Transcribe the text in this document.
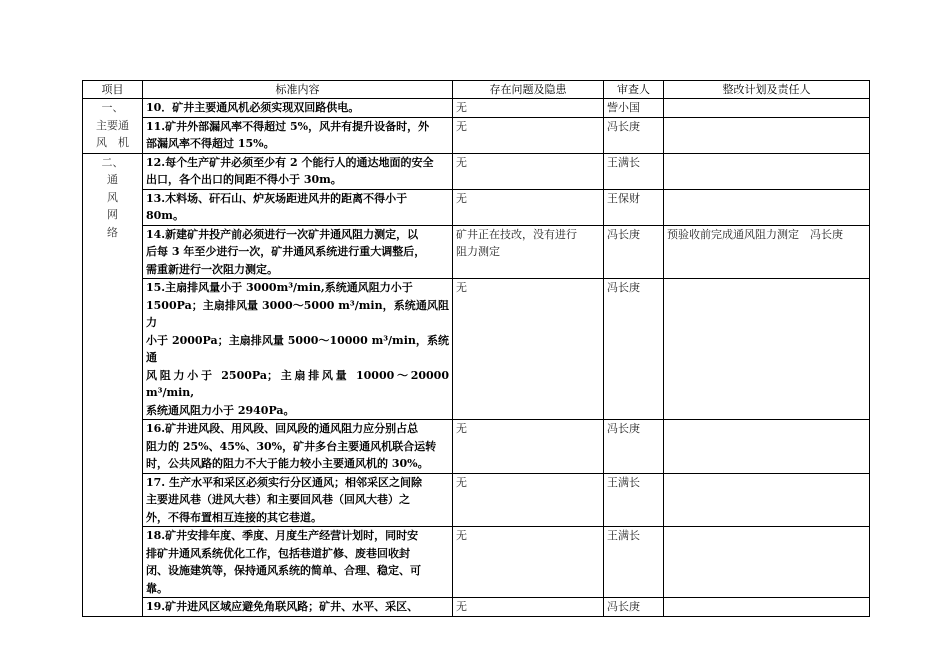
项目	标准内容	存在问题及隐患	审查人	整改计划及责任人

一、
主要通
风　机	10．矿井主要通风机必须实现双回路供电。	无	訾小国	

	11.矿井外部漏风率不得超过 5%，风井有提升设备时，外
部漏风率不得超过 15%。	无	冯长庚	

二、
通
风
网
络	12.每个生产矿井必须至少有 2 个能行人的通达地面的安全
出口，各个出口的间距不得小于 30m。	无	王满长	

	13.木料场、矸石山、炉灰场距进风井的距离不得小于
80m。	无	王保财	

	14.新建矿井投产前必须进行一次矿井通风阻力测定，以
后每 3 年至少进行一次，矿井通风系统进行重大调整后，
需重新进行一次阻力测定。	矿井正在技改，没有进行
阻力测定	冯长庚	预验收前完成通风阻力测定　冯长庚

	15.主扇排风量小于 3000m³/min,系统通风阻力小于
1500Pa；主扇排风量 3000～5000 m³/min，系统通风阻力
小于 2000Pa；主扇排风量 5000～10000 m³/min，系统通
风阻力小于 2500Pa；主扇排风量 10000～20000 m³/min,
系统通风阻力小于 2940Pa。	无	冯长庚	

	16.矿井进风段、用风段、回风段的通风阻力应分别占总
阻力的 25%、45%、30%，矿井多台主要通风机联合运转
时，公共风路的阻力不大于能力较小主要通风机的 30%。	无	冯长庚	

	17. 生产水平和采区必须实行分区通风；相邻采区之间除
主要进风巷（进风大巷）和主要回风巷（回风大巷）之
外，不得布置相互连接的其它巷道。	无	王满长	

	18.矿井安排年度、季度、月度生产经营计划时，同时安
排矿井通风系统优化工作，包括巷道扩修、废巷回收封
闭、设施建筑等，保持通风系统的简单、合理、稳定、可
靠。	无	王满长	

	19.矿井进风区域应避免角联风路；矿井、水平、采区、	无	冯长庚	
